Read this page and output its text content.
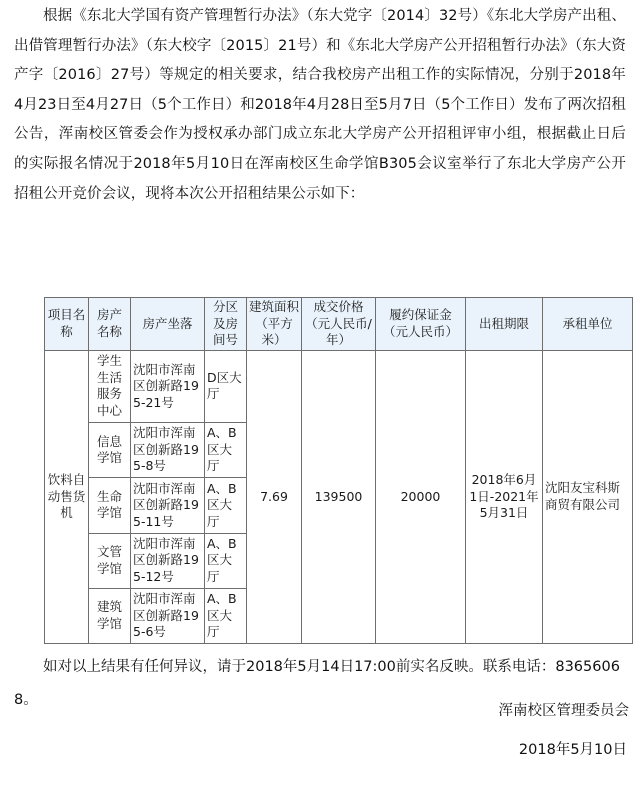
根据《东北大学国有资产管理暂行办法》（东大党字〔2014〕32号）《东北大学房产出租、出借管理暂行办法》（东大校字〔2015〕21号）和《东北大学房产公开招租暂行办法》（东大资产字〔2016〕27号）等规定的相关要求，结合我校房产出租工作的实际情况，分别于2018年4月23日至4月27日（5个工作日）和2018年4月28日至5月7日（5个工作日）发布了两次招租公告，浑南校区管委会作为授权承办部门成立东北大学房产公开招租评审小组，根据截止日后的实际报名情况于2018年5月10日在浑南校区生命学馆B305会议室举行了东北大学房产公开招租公开竞价会议，现将本次公开招租结果公示如下：
项目名称	房产名称	房产坐落	分区及房间号	建筑面积（平方米）	成交价格（元人民币/年）	履约保证金（元人民币）	出租期限	承租单位
饮料自动售货机	学生生活服务中心	沈阳市浑南区创新路195-21号	D区大厅	7.69	139500	20000	2018年6月1日-2021年5月31日	沈阳友宝科斯商贸有限公司
	信息学馆	沈阳市浑南区创新路195-8号	A、B区大厅					
	生命学馆	沈阳市浑南区创新路195-11号	A、B区大厅					
	文管学馆	沈阳市浑南区创新路195-12号	A、B区大厅					
	建筑学馆	沈阳市浑南区创新路195-6号	A、B区大厅					
如对以上结果有任何异议，请于2018年5月14日17:00前实名反映。联系电话：83656068。
浑南校区管理委员会
2018年5月10日
